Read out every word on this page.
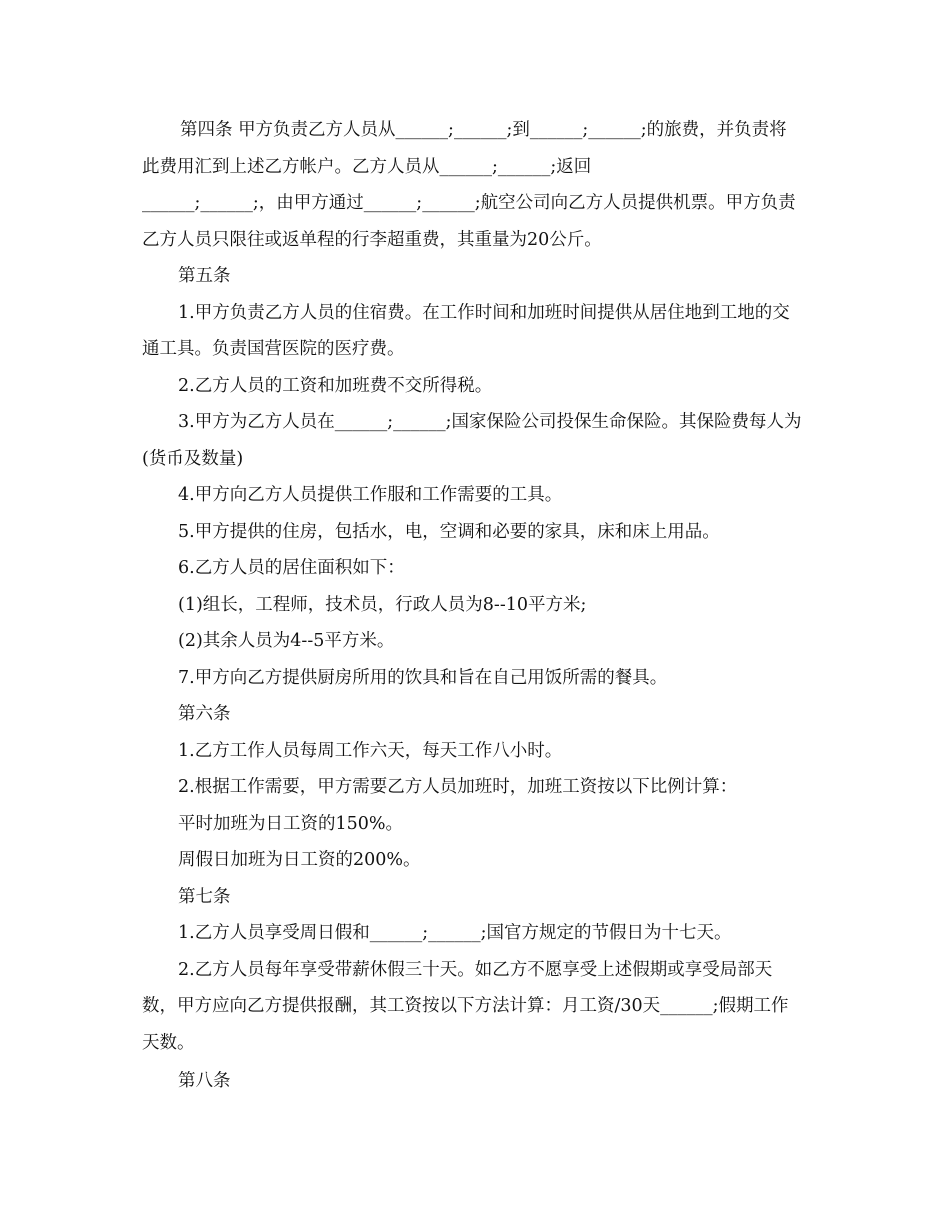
第四条 甲方负责乙方人员从______;______;到______;______;的旅费，并负责将此费用汇到上述乙方帐户。乙方人员从______;______;返回

______;______;，由甲方通过______;______;航空公司向乙方人员提供机票。甲方负责乙方人员只限往或返单程的行李超重费，其重量为20公斤。

第五条

1.甲方负责乙方人员的住宿费。在工作时间和加班时间提供从居住地到工地的交通工具。负责国营医院的医疗费。

2.乙方人员的工资和加班费不交所得税。

3.甲方为乙方人员在______;______;国家保险公司投保生命保险。其保险费每人为(货币及数量)

4.甲方向乙方人员提供工作服和工作需要的工具。

5.甲方提供的住房，包括水，电，空调和必要的家具，床和床上用品。

6.乙方人员的居住面积如下：

(1)组长，工程师，技术员，行政人员为8--10平方米;

(2)其余人员为4--5平方米。

7.甲方向乙方提供厨房所用的饮具和旨在自己用饭所需的餐具。

第六条

1.乙方工作人员每周工作六天，每天工作八小时。

2.根据工作需要，甲方需要乙方人员加班时，加班工资按以下比例计算：

平时加班为日工资的150%。

周假日加班为日工资的200%。

第七条

1.乙方人员享受周日假和______;______;国官方规定的节假日为十七天。

2.乙方人员每年享受带薪休假三十天。如乙方不愿享受上述假期或享受局部天数，甲方应向乙方提供报酬，其工资按以下方法计算：月工资/30天______;假期工作天数。

第八条
